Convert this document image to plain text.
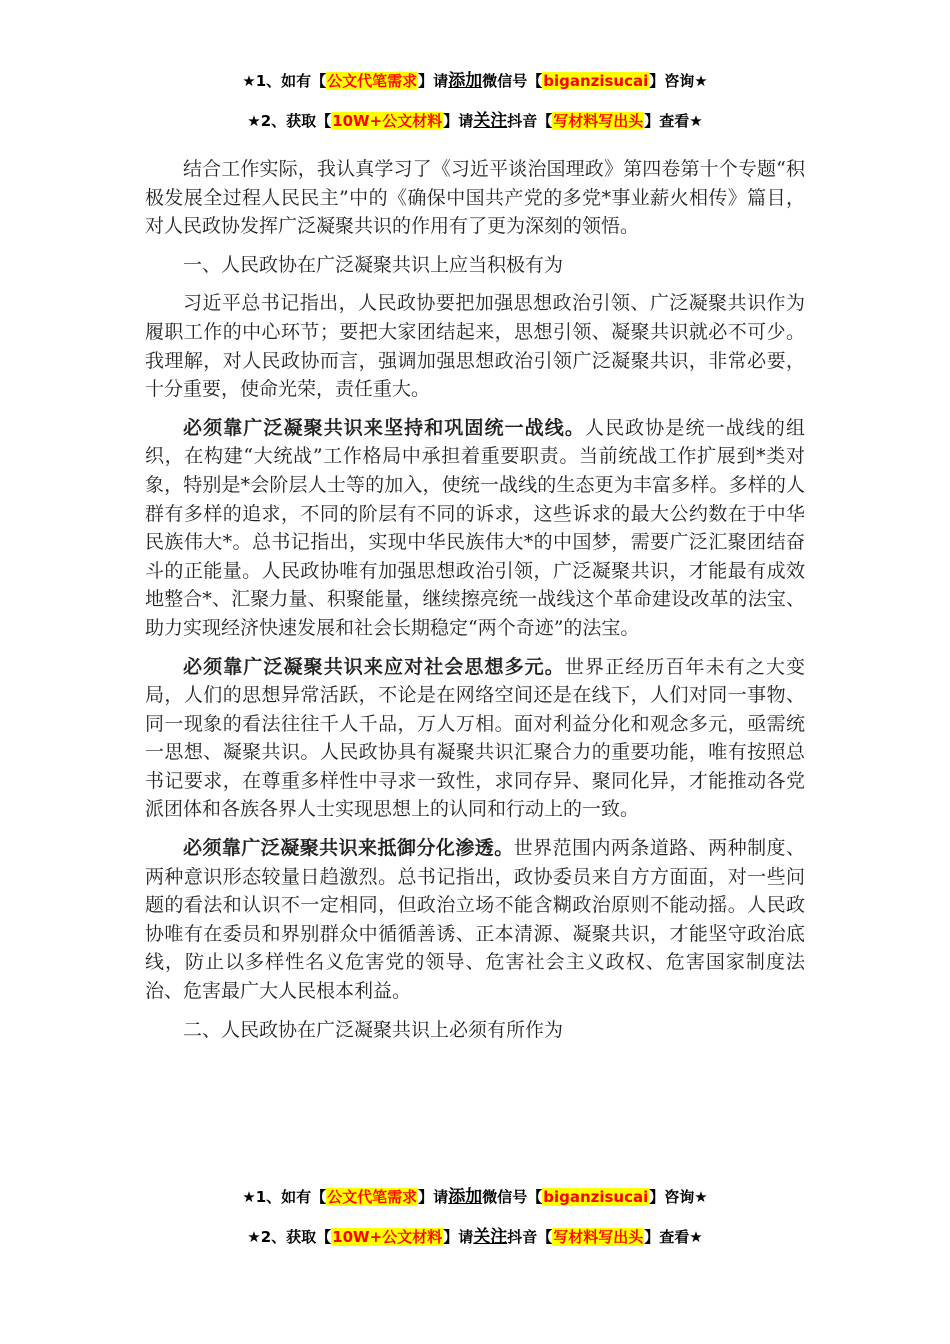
★1、如有【公文代笔需求】请添加微信号【biganzisucai】咨询★
★2、获取【10W+公文材料】请关注抖音【写材料写出头】查看★

结合工作实际，我认真学习了《习近平谈治国理政》第四卷第十个专题“积极发展全过程人民民主”中的《确保中国共产党的多党*事业薪火相传》篇目，对人民政协发挥广泛凝聚共识的作用有了更为深刻的领悟。

一、人民政协在广泛凝聚共识上应当积极有为

习近平总书记指出，人民政协要把加强思想政治引领、广泛凝聚共识作为履职工作的中心环节；要把大家团结起来，思想引领、凝聚共识就必不可少。我理解，对人民政协而言，强调加强思想政治引领广泛凝聚共识，非常必要，十分重要，使命光荣，责任重大。

必须靠广泛凝聚共识来坚持和巩固统一战线。人民政协是统一战线的组织，在构建“大统战”工作格局中承担着重要职责。当前统战工作扩展到*类对象，特别是*会阶层人士等的加入，使统一战线的生态更为丰富多样。多样的人群有多样的追求，不同的阶层有不同的诉求，这些诉求的最大公约数在于中华民族伟大*。总书记指出，实现中华民族伟大*的中国梦，需要广泛汇聚团结奋斗的正能量。人民政协唯有加强思想政治引领，广泛凝聚共识，才能最有成效地整合*、汇聚力量、积聚能量，继续擦亮统一战线这个革命建设改革的法宝、助力实现经济快速发展和社会长期稳定“两个奇迹”的法宝。

必须靠广泛凝聚共识来应对社会思想多元。世界正经历百年未有之大变局，人们的思想异常活跃，不论是在网络空间还是在线下，人们对同一事物、同一现象的看法往往千人千品，万人万相。面对利益分化和观念多元，亟需统一思想、凝聚共识。人民政协具有凝聚共识汇聚合力的重要功能，唯有按照总书记要求，在尊重多样性中寻求一致性，求同存异、聚同化异，才能推动各党派团体和各族各界人士实现思想上的认同和行动上的一致。

必须靠广泛凝聚共识来抵御分化渗透。世界范围内两条道路、两种制度、两种意识形态较量日趋激烈。总书记指出，政协委员来自方方面面，对一些问题的看法和认识不一定相同，但政治立场不能含糊政治原则不能动摇。人民政协唯有在委员和界别群众中循循善诱、正本清源、凝聚共识，才能坚守政治底线，防止以多样性名义危害党的领导、危害社会主义政权、危害国家制度法治、危害最广大人民根本利益。

二、人民政协在广泛凝聚共识上必须有所作为

★1、如有【公文代笔需求】请添加微信号【biganzisucai】咨询★
★2、获取【10W+公文材料】请关注抖音【写材料写出头】查看★
